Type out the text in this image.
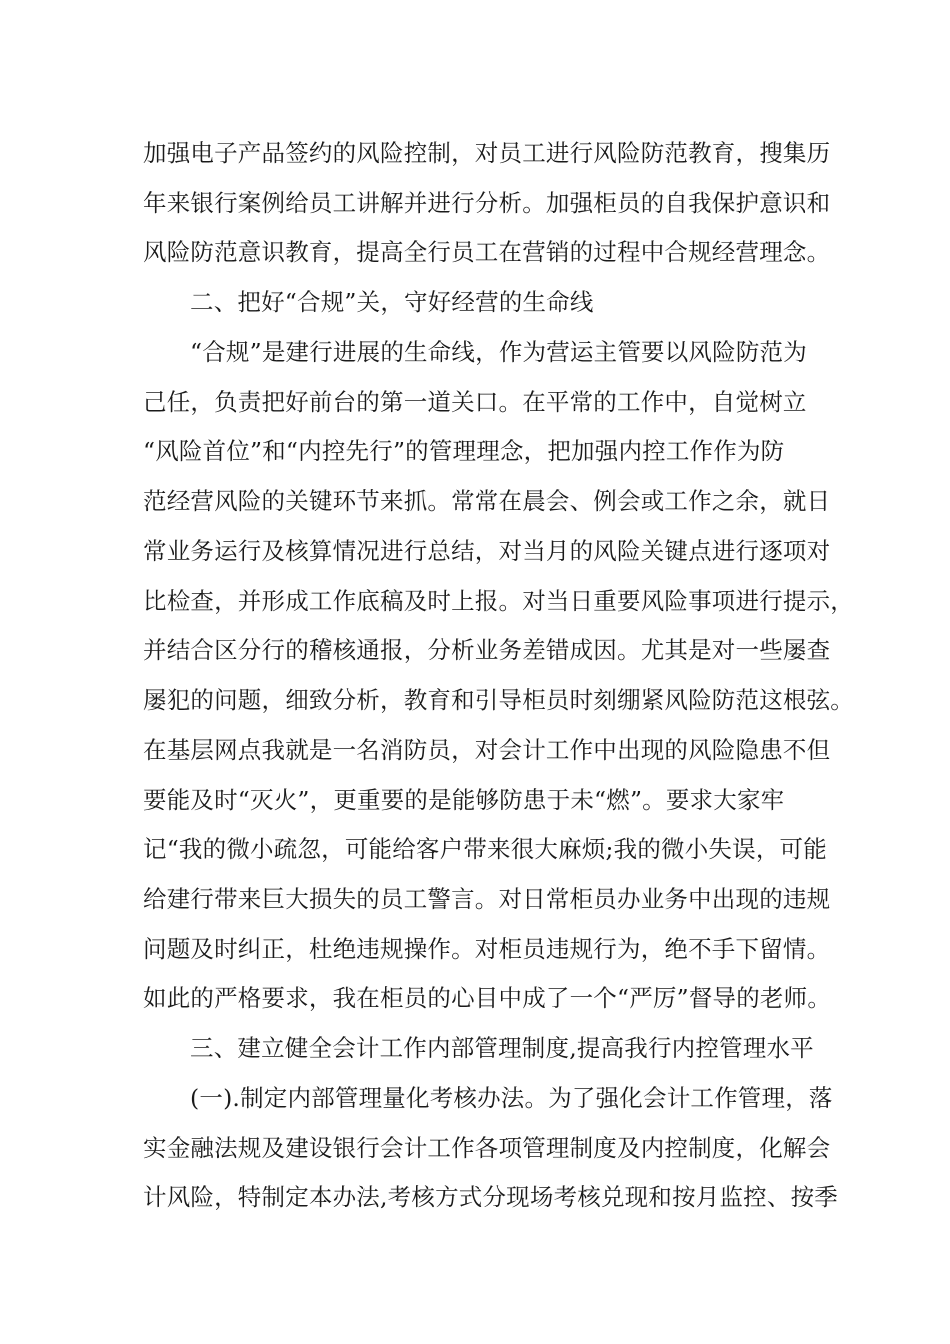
加强电子产品签约的风险控制，对员工进行风险防范教育，搜集历

年来银行案例给员工讲解并进行分析。加强柜员的自我保护意识和

风险防范意识教育，提高全行员工在营销的过程中合规经营理念。

二、把好“合规”关，守好经营的生命线

“合规”是建行进展的生命线，作为营运主管要以风险防范为

己任，负责把好前台的第一道关口。在平常的工作中，自觉树立

“风险首位”和“内控先行”的管理理念，把加强内控工作作为防

范经营风险的关键环节来抓。常常在晨会、例会或工作之余，就日

常业务运行及核算情况进行总结，对当月的风险关键点进行逐项对

比检查，并形成工作底稿及时上报。对当日重要风险事项进行提示，

并结合区分行的稽核通报，分析业务差错成因。尤其是对一些屡查

屡犯的问题，细致分析，教育和引导柜员时刻绷紧风险防范这根弦。

在基层网点我就是一名消防员，对会计工作中出现的风险隐患不但

要能及时“灭火”，更重要的是能够防患于未“燃”。要求大家牢

记“我的微小疏忽，可能给客户带来很大麻烦;我的微小失误，可能

给建行带来巨大损失的员工警言。对日常柜员办业务中出现的违规

问题及时纠正，杜绝违规操作。对柜员违规行为，绝不手下留情。

如此的严格要求，我在柜员的心目中成了一个“严厉”督导的老师。

三、建立健全会计工作内部管理制度,提高我行内控管理水平

(一).制定内部管理量化考核办法。为了强化会计工作管理，落

实金融法规及建设银行会计工作各项管理制度及内控制度，化解会

计风险，特制定本办法,考核方式分现场考核兑现和按月监控、按季
